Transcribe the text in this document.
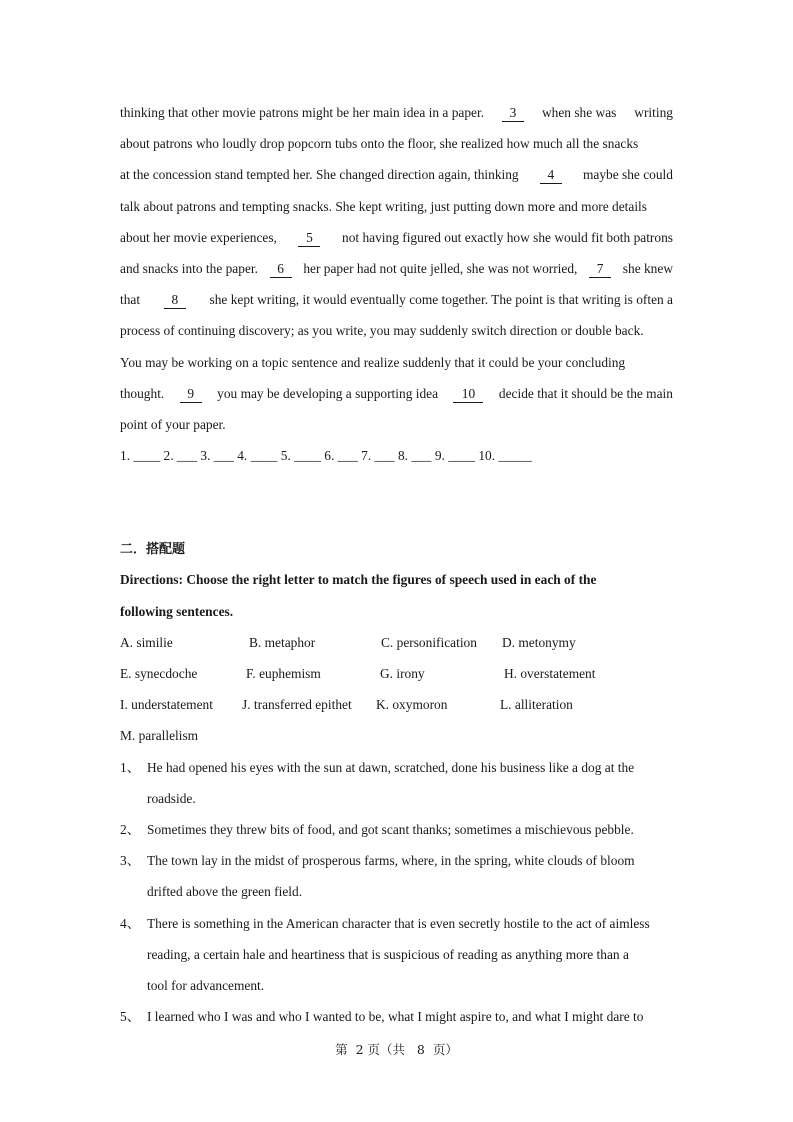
thinking that other movie patrons might be her main idea in a paper.	3	when she was writing
about patrons who loudly drop popcorn tubs onto the floor, she realized how much all the snacks
at the concession stand tempted her. She changed direction again, thinking	4	maybe she could
talk about patrons and tempting snacks. She kept writing, just putting down more and more details
about her movie experiences,	5	not having figured out exactly how she would fit both patrons
and snacks into the paper.	6	her paper had not quite jelled, she was not worried,	7	she knew
that	8	she kept writing, it would eventually come together. The point is that writing is often a
process of continuing discovery; as you write, you may suddenly switch direction or double back.
You may be working on a topic sentence and realize suddenly that it could be your concluding
thought.	9	you may be developing a supporting idea	10	decide that it should be the main
point of your paper.
1. ____ 2. ___ 3. ___ 4. ____ 5. ____ 6. ___ 7. ___ 8. ___ 9. ____ 10. _____
二．搭配题
Directions: Choose the right letter to match the figures of speech used in each of the
following sentences.
A. similie	B. metaphor	C. personification D. metonymy
E. synecdoche	F. euphemism	G. irony	H. overstatement
I. understatement J. transferred epithet K. oxymoron	L. alliteration
M. parallelism
1、 He had opened his eyes with the sun at dawn, scratched, done his business like a dog at the
roadside.
2、 Sometimes they threw bits of food, and got scant thanks; sometimes a mischievous pebble.
3、 The town lay in the midst of prosperous farms, where, in the spring, white clouds of bloom
drifted above the green field.
4、 There is something in the American character that is even secretly hostile to the act of aimless
reading, a certain hale and heartiness that is suspicious of reading as anything more than a
tool for advancement.
5、 I learned who I was and who I wanted to be, what I might aspire to, and what I might dare to
第  2 页（共   8  页）
